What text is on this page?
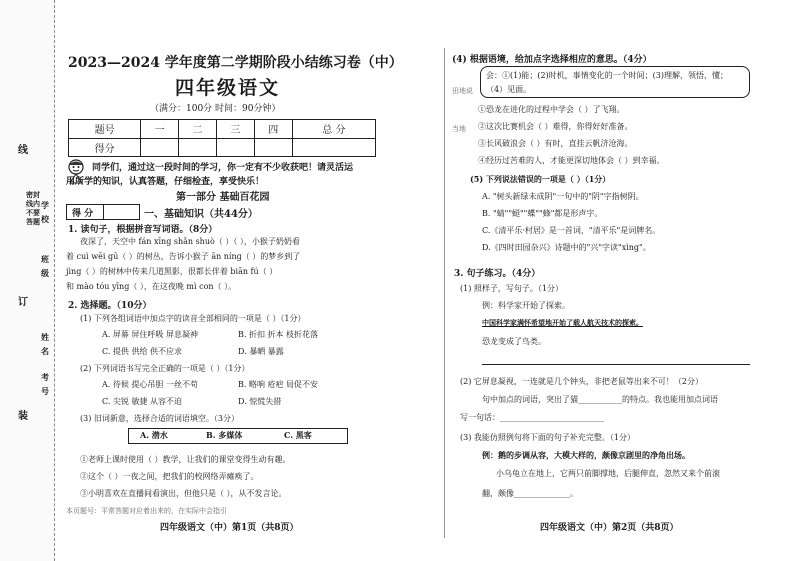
线
学校
班级
订
姓名
考号
装
密封线内不要答题
2023—2024 学年度第二学期阶段小结练习卷（中）
四年级语文
（满分：100分 时间：90分钟）
题号	一	二	三	四	总 分
得分					
同学们，通过这一段时间的学习，你一定有不少收获吧！请灵活运
用所学的知识，认真答题，仔细检查，享受快乐！
第一部分 基础百花园
得 分	一、基础知识（共44分）
1. 读句子，根据拼音写词语。（8分）
夜深了，天空中 fán xīng shǎn shuò（ ）（ ），小猴子奶奶看
着 cuì wēi gū（ ）的树丛，告诉小猴子 ān níng（ ）的梦乡到了
jìng（ ）的树林中传来几道黑影，很都长伴着 biān fú（ ）
和 mào tóu yīng（ ），在这夜晚 mì con（ ）。
2. 选择题。（10分）
(1) 下列各组词语中加点字的读音全部相同的一项是（ ）（1分）
A. 屏幕 屏住呼吸 屏息凝神	B. 折扣 折本 枝折花落
C. 提供 供给 供不应求	D. 暴晒 暴露
(2) 下列词语书写完全正确的一项是（ ）（1分）
A. 待候 提心吊胆 一丝不苟	B. 略响 疮疤 局促不安
C. 尖锐 敏捷 从容不迫	D. 惊慌失措
(3) 旧词新意，选择合适的词语填空。（3分）
A. 潜水	B. 多媒体	C. 黑客
①老师上课时使用（ ）教学，让我们的课堂变得生动有趣。
②这个（ ）一夜之间，把我们的校网络弄瘫痪了。
③小明喜欢在直播间看演出，但他只是（ ），从不发言论。
本页题号：平常答题对应着出来的，在实际中会指引
四年级语文（中）第1页（共8页）
(4) 根据语境，给加点字选择相应的意思。（4分）
会：①(1)能；(2)时机，事情变化的一个时间；(3)理解，领悟，懂；
（4）见面。
田地说
当地
①恐龙在进化的过程中学会（ ）了飞翔。
②这次比赛机会（ ）难得，你得好好准备。
③长风破浪会（ ）有时，直挂云帆济沧海。
④经历过苦难的人，才能更深切地体会（ ）到幸福。
(5) 下列说法错误的一项是（ ）（1分）
A. "树头新绿未成阴"一句中的"阴"字指树阴。
B. "蜻""蜓""蝶""蜂"都是形声字。
C.《清平乐·村居》是一首词，"清平乐"是词牌名。
D.《四时田园杂兴》诗题中的"兴"字读"xìng"。
3. 句子练习。（4分）
(1) 照样子，写句子。（1分）
例：科学家开始了探索。
中国科学家满怀希望地开始了载人航天技术的探索。
恐龙变成了鸟类。
(2) 它屏息凝视，一连就是几个钟头，非把老鼠等出来不可！（2分）
句中加点的词语，突出了猫___________的特点。我也能用加点词语
写一句话：__________________________
(3) 我能仿照例句将下面的句子补充完整。（1分）
例：鹅的步调从容，大模大样的，颇像京剧里的净角出场。
小乌龟立在地上，它两只前脚撑地，后腿伸直，忽然又来个前滚
翻，颇像______________。
四年级语文（中）第2页（共8页）
